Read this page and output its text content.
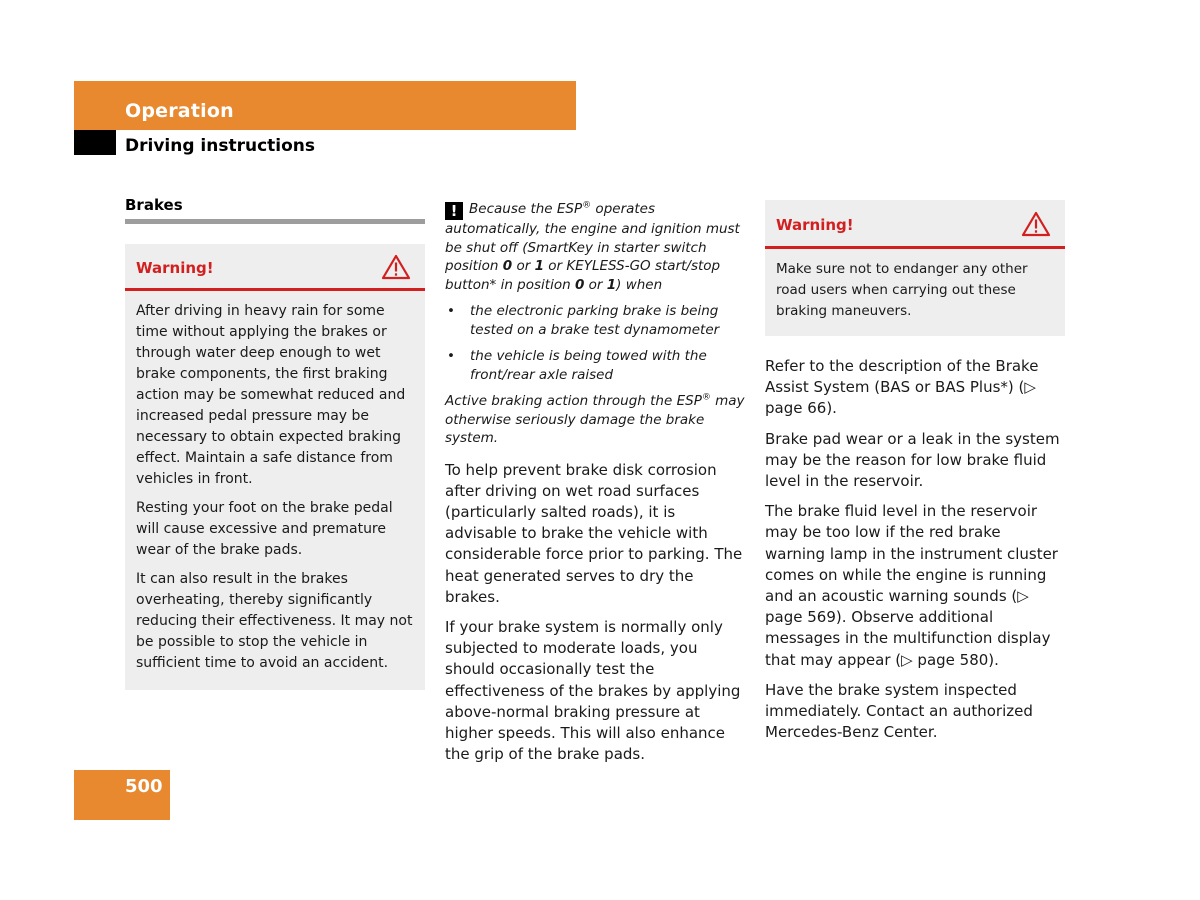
Operation
Driving instructions
Brakes
Warning!

After driving in heavy rain for some time without applying the brakes or through water deep enough to wet brake components, the first braking action may be somewhat reduced and increased pedal pressure may be necessary to obtain expected braking effect. Maintain a safe distance from vehicles in front.

Resting your foot on the brake pedal will cause excessive and premature wear of the brake pads.

It can also result in the brakes overheating, thereby significantly reducing their effectiveness. It may not be possible to stop the vehicle in sufficient time to avoid an accident.

! Because the ESP® operates automatically, the engine and ignition must be shut off (SmartKey in starter switch position 0 or 1 or KEYLESS-GO start/stop button* in position 0 or 1) when
• the electronic parking brake is being tested on a brake test dynamometer
• the vehicle is being towed with the front/rear axle raised
Active braking action through the ESP® may otherwise seriously damage the brake system.

To help prevent brake disk corrosion after driving on wet road surfaces (particularly salted roads), it is advisable to brake the vehicle with considerable force prior to parking. The heat generated serves to dry the brakes.

If your brake system is normally only subjected to moderate loads, you should occasionally test the effectiveness of the brakes by applying above-normal braking pressure at higher speeds. This will also enhance the grip of the brake pads.

Warning!

Make sure not to endanger any other road users when carrying out these braking maneuvers.

Refer to the description of the Brake Assist System (BAS or BAS Plus*) (▷ page 66).

Brake pad wear or a leak in the system may be the reason for low brake fluid level in the reservoir.

The brake fluid level in the reservoir may be too low if the red brake warning lamp in the instrument cluster comes on while the engine is running and an acoustic warning sounds (▷ page 569). Observe additional messages in the multifunction display that may appear (▷ page 580).

Have the brake system inspected immediately. Contact an authorized Mercedes-Benz Center.

500
